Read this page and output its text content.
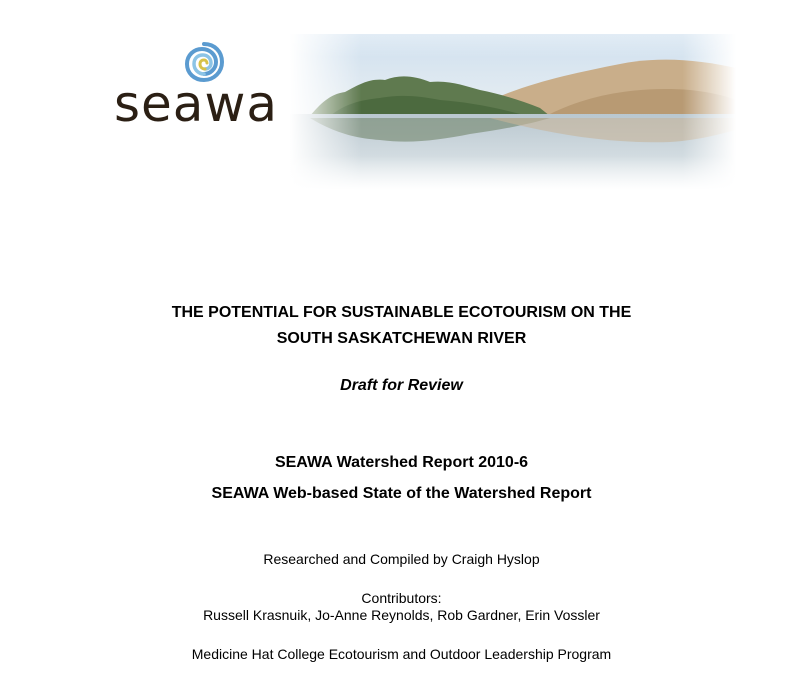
seawa
THE POTENTIAL FOR SUSTAINABLE ECOTOURISM ON THE
SOUTH SASKATCHEWAN RIVER
Draft for Review
SEAWA Watershed Report 2010-6
SEAWA Web-based State of the Watershed Report
Researched and Compiled by Craigh Hyslop
Contributors:
Russell Krasnuik, Jo-Anne Reynolds, Rob Gardner, Erin Vossler
Medicine Hat College Ecotourism and Outdoor Leadership Program
